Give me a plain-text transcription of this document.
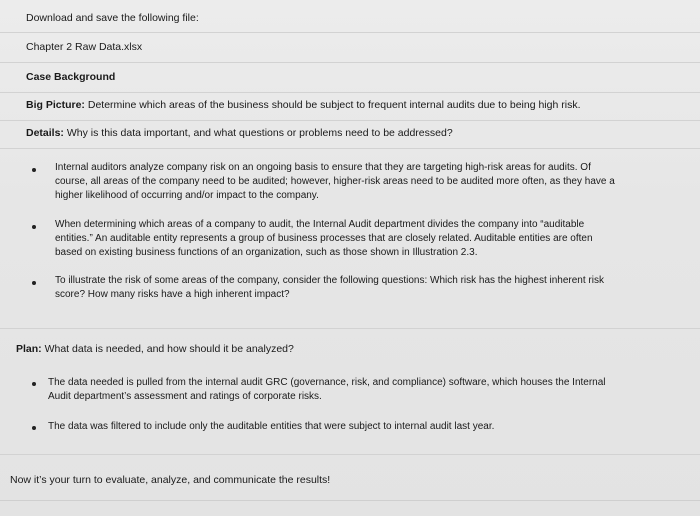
Download and save the following file:
Chapter 2 Raw Data.xlsx
Case Background
Big Picture: Determine which areas of the business should be subject to frequent internal audits due to being high risk.
Details: Why is this data important, and what questions or problems need to be addressed?
Internal auditors analyze company risk on an ongoing basis to ensure that they are targeting high-risk areas for audits. Of
course, all areas of the company need to be audited; however, higher-risk areas need to be audited more often, as they have a
higher likelihood of occurring and/or impact to the company.
When determining which areas of a company to audit, the Internal Audit department divides the company into “auditable
entities.” An auditable entity represents a group of business processes that are closely related. Auditable entities are often
based on existing business functions of an organization, such as those shown in Illustration 2.3.
To illustrate the risk of some areas of the company, consider the following questions: Which risk has the highest inherent risk
score? How many risks have a high inherent impact?
Plan: What data is needed, and how should it be analyzed?
The data needed is pulled from the internal audit GRC (governance, risk, and compliance) software, which houses the Internal
Audit department’s assessment and ratings of corporate risks.
The data was filtered to include only the auditable entities that were subject to internal audit last year.
Now it’s your turn to evaluate, analyze, and communicate the results!
